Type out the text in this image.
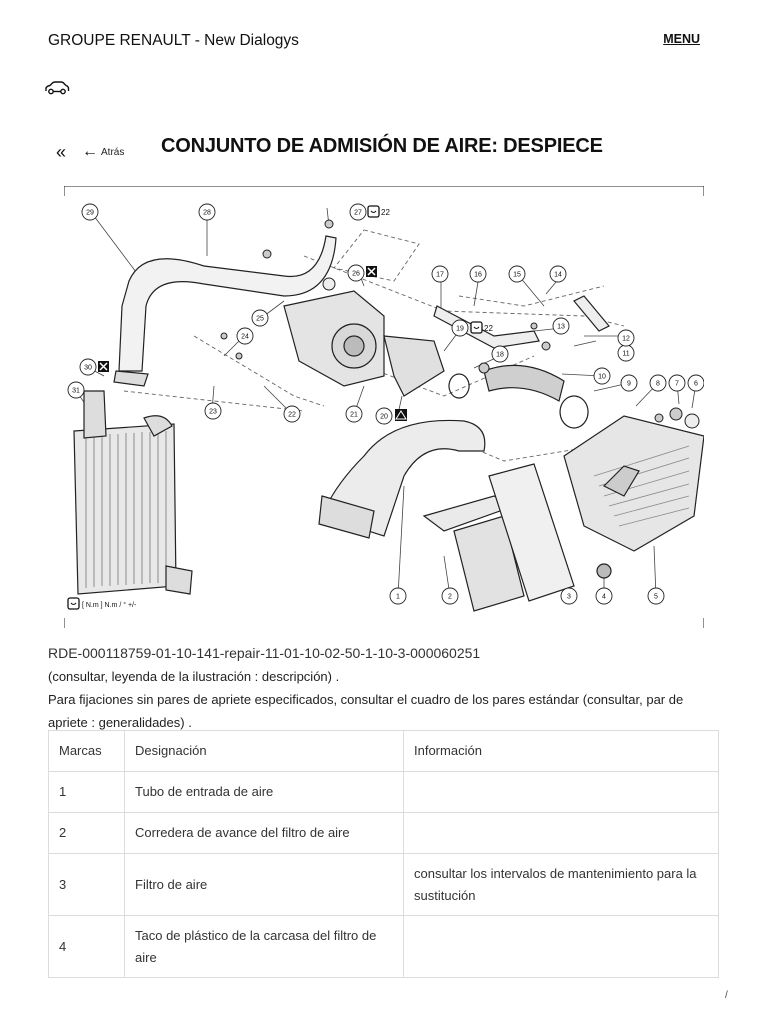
GROUPE RENAULT - New Dialogys	MENU
« ← Atrás CONJUNTO DE ADMISIÓN DE AIRE: DESPIECE
1	2	3	4	5
6
7
8
9
10
11
12
13
14
15
16
17
18
19
20
21
22
23
24
25
26
27
28
29
30
31
22
22
[ N.m ] N.m / ° +/-
RDE-000118759-01-10-141-repair-11-01-10-02-50-1-10-3-000060251
(consultar, leyenda de la ilustración : descripción) .
Para fijaciones sin pares de apriete especificados, consultar el cuadro de los pares estándar (consultar, par de apriete : generalidades) .
Marcas	Designación	Información
1	Tubo de entrada de aire	
2	Corredera de avance del filtro de aire	
3	Filtro de aire	consultar los intervalos de mantenimiento para la sustitución
4	Taco de plástico de la carcasa del filtro de aire	
/
